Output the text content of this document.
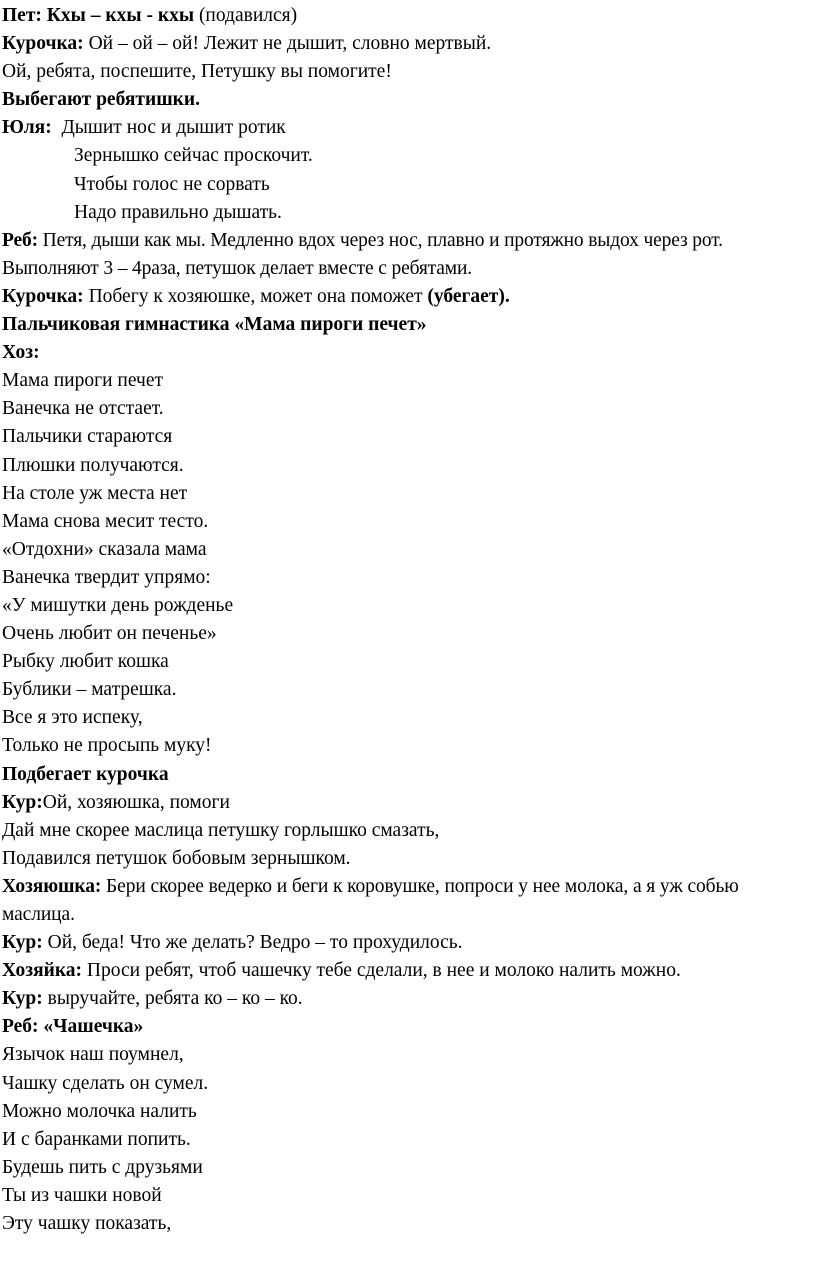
Пет: Кхы – кхы - кхы (подавился)
Курочка: Ой – ой – ой! Лежит не дышит, словно мертвый.
Ой, ребята, поспешите, Петушку вы помогите!
Выбегают ребятишки.
Юля:  Дышит нос и дышит ротик
Зернышко сейчас проскочит.
Чтобы голос не сорвать
Надо правильно дышать.
Реб: Петя, дыши как мы. Медленно вдох через нос, плавно и протяжно выдох через рот. Выполняют 3 – 4раза, петушок делает вместе с ребятами.
Курочка: Побегу к хозяюшке, может она поможет (убегает).
Пальчиковая гимнастика «Мама пироги печет»
Хоз:
Мама пироги печет
Ванечка не отстает.
Пальчики стараются
Плюшки получаются.
На столе уж места нет
Мама снова месит тесто.
«Отдохни» сказала мама
Ванечка твердит упрямо:
«У мишутки день рожденье
Очень любит он печенье»
Рыбку любит кошка
Бублики – матрешка.
Все я это испеку,
Только не просыпь муку!
Подбегает курочка
Кур:Ой, хозяюшка, помоги
Дай мне скорее маслица петушку горлышко смазать,
Подавился петушок бобовым зернышком.
Хозяюшка: Бери скорее ведерко и беги к коровушке, попроси у нее молока, а я уж собью маслица.
Кур: Ой, беда! Что же делать? Ведро – то прохудилось.
Хозяйка: Проси ребят, чтоб чашечку тебе сделали, в нее и молоко налить можно.
Кур: выручайте, ребята ко – ко – ко.
Реб: «Чашечка»
Язычок наш поумнел,
Чашку сделать он сумел.
Можно молочка налить
И с баранками попить.
Будешь пить с друзьями
Ты из чашки новой
Эту чашку показать,
